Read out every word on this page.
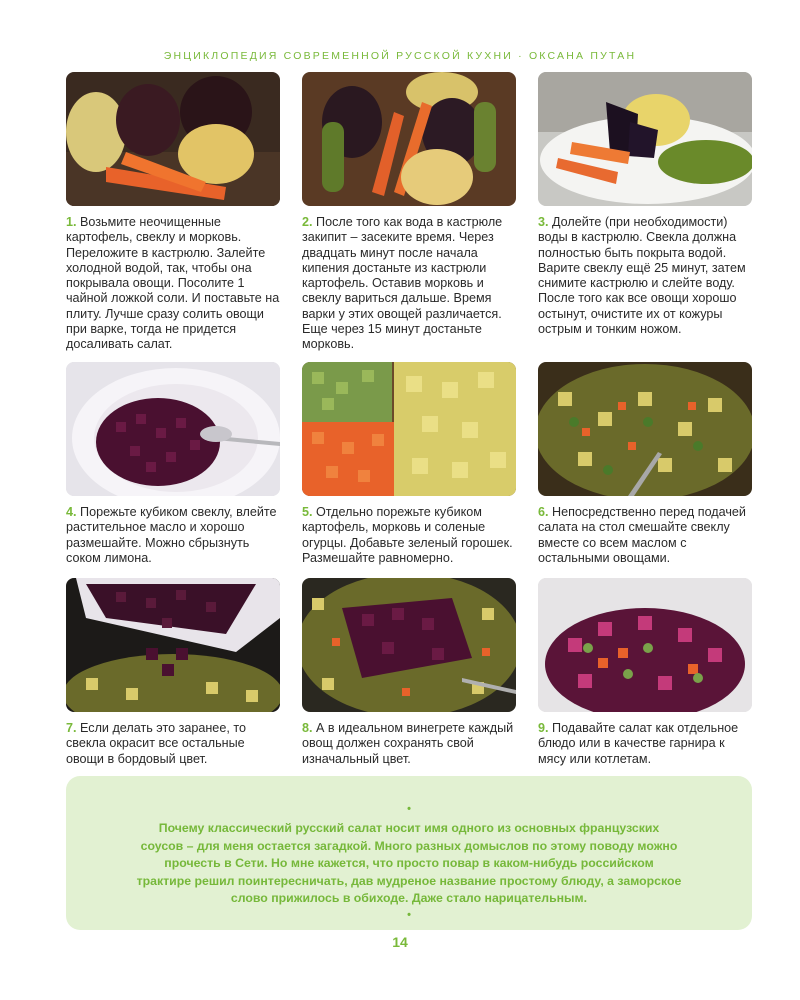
ЭНЦИКЛОПЕДИЯ СОВРЕМЕННОЙ РУССКОЙ КУХНИ · ОКСАНА ПУТАН
1. Возьмите неочищенные картофель, свеклу и морковь. Переложите в кастрюлю. Залейте холодной водой, так, чтобы она покрывала овощи. Посолите 1 чайной ложкой соли. И поставьте на плиту. Лучше сразу солить овощи при варке, тогда не придется досаливать салат.
2. После того как вода в кастрюле закипит – засеките время. Через двадцать минут после начала кипения достаньте из кастрюли картофель. Оставив морковь и свеклу вариться дальше. Время варки у этих овощей различается. Еще через 15 минут достаньте морковь.
3. Долейте (при необходимости) воды в кастрюлю. Свекла должна полностью быть покрыта водой. Варите свеклу ещё 25 минут, затем снимите кастрюлю и слейте воду. После того как все овощи хорошо остынут, очистите их от кожуры острым и тонким ножом.
4. Порежьте кубиком свеклу, влейте растительное масло и хорошо размешайте. Можно сбрызнуть соком лимона.
5. Отдельно порежьте кубиком картофель, морковь и соленые огурцы. Добавьте зеленый горошек. Размешайте равномерно.
6. Непосредственно перед подачей салата на стол смешайте свеклу вместе со всем маслом с остальными овощами.
7. Если делать это заранее, то свекла окрасит все остальные овощи в бордовый цвет.
8. А в идеальном винегрете каждый овощ должен сохранять свой изначальный цвет.
9. Подавайте салат как отдельное блюдо или в качестве гарнира к мясу или котлетам.
•
Почему классический русский салат носит имя одного из основных французских соусов – для меня остается загадкой. Много разных домыслов по этому поводу можно прочесть в Сети. Но мне кажется, что просто повар в каком-нибудь российском трактире решил поинтересничать, дав мудреное название простому блюду, а заморское слово прижилось в обиходе. Даже стало нарицательным.
•
14
